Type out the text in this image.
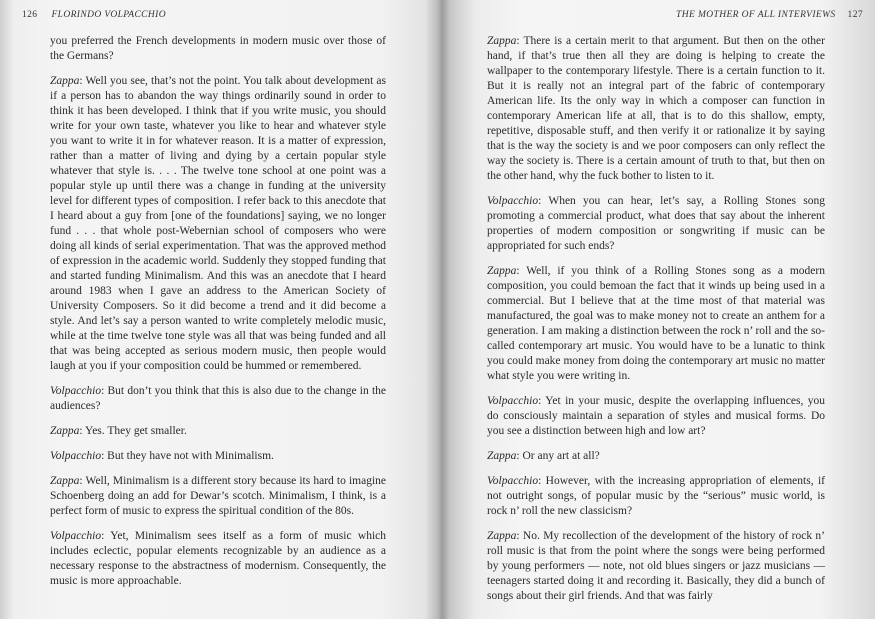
126 FLORINDO VOLPACCHIO

you preferred the French developments in modern music over those of the Germans?

Zappa: Well you see, that’s not the point. You talk about development as if a person has to abandon the way things ordinarily sound in order to think it has been developed. I think that if you write music, you should write for your own taste, whatever you like to hear and whatever style you want to write it in for whatever reason. It is a matter of expression, rather than a matter of living and dying by a certain popular style whatever that style is. . . . The twelve tone school at one point was a popular style up until there was a change in funding at the university level for different types of composition. I refer back to this anecdote that I heard about a guy from [one of the foundations] saying, we no longer fund . . . that whole post-Webernian school of composers who were doing all kinds of serial experimentation. That was the approved method of expression in the academic world. Suddenly they stopped funding that and started funding Minimalism. And this was an anecdote that I heard around 1983 when I gave an address to the American Society of University Composers. So it did become a trend and it did become a style. And let’s say a person wanted to write completely melodic music, while at the time twelve tone style was all that was being funded and all that was being accepted as serious modern music, then people would laugh at you if your composition could be hummed or remembered.

Volpacchio: But don’t you think that this is also due to the change in the audiences?

Zappa: Yes. They get smaller.

Volpacchio: But they have not with Minimalism.

Zappa: Well, Minimalism is a different story because its hard to imagine Schoenberg doing an add for Dewar’s scotch. Minimalism, I think, is a perfect form of music to express the spiritual condition of the 80s.

Volpacchio: Yet, Minimalism sees itself as a form of music which includes eclectic, popular elements recognizable by an audience as a necessary response to the abstractness of modernism. Consequently, the music is more approachable.

THE MOTHER OF ALL INTERVIEWS 127

Zappa: There is a certain merit to that argument. But then on the other hand, if that’s true then all they are doing is helping to create the wallpaper to the contemporary lifestyle. There is a certain function to it. But it is really not an integral part of the fabric of contemporary American life. Its the only way in which a composer can function in contemporary American life at all, that is to do this shallow, empty, repetitive, disposable stuff, and then verify it or rationalize it by saying that is the way the society is and we poor composers can only reflect the way the society is. There is a certain amount of truth to that, but then on the other hand, why the fuck bother to listen to it.

Volpacchio: When you can hear, let’s say, a Rolling Stones song promoting a commercial product, what does that say about the inherent properties of modern composition or songwriting if music can be appropriated for such ends?

Zappa: Well, if you think of a Rolling Stones song as a modern composition, you could bemoan the fact that it winds up being used in a commercial. But I believe that at the time most of that material was manufactured, the goal was to make money not to create an anthem for a generation. I am making a distinction between the rock n’ roll and the so-called contemporary art music. You would have to be a lunatic to think you could make money from doing the contemporary art music no matter what style you were writing in.

Volpacchio: Yet in your music, despite the overlapping influences, you do consciously maintain a separation of styles and musical forms. Do you see a distinction between high and low art?

Zappa: Or any art at all?

Volpacchio: However, with the increasing appropriation of elements, if not outright songs, of popular music by the “serious” music world, is rock n’ roll the new classicism?

Zappa: No. My recollection of the development of the history of rock n’ roll music is that from the point where the songs were being performed by young performers — note, not old blues singers or jazz musicians — teenagers started doing it and recording it. Basically, they did a bunch of songs about their girl friends. And that was fairly
